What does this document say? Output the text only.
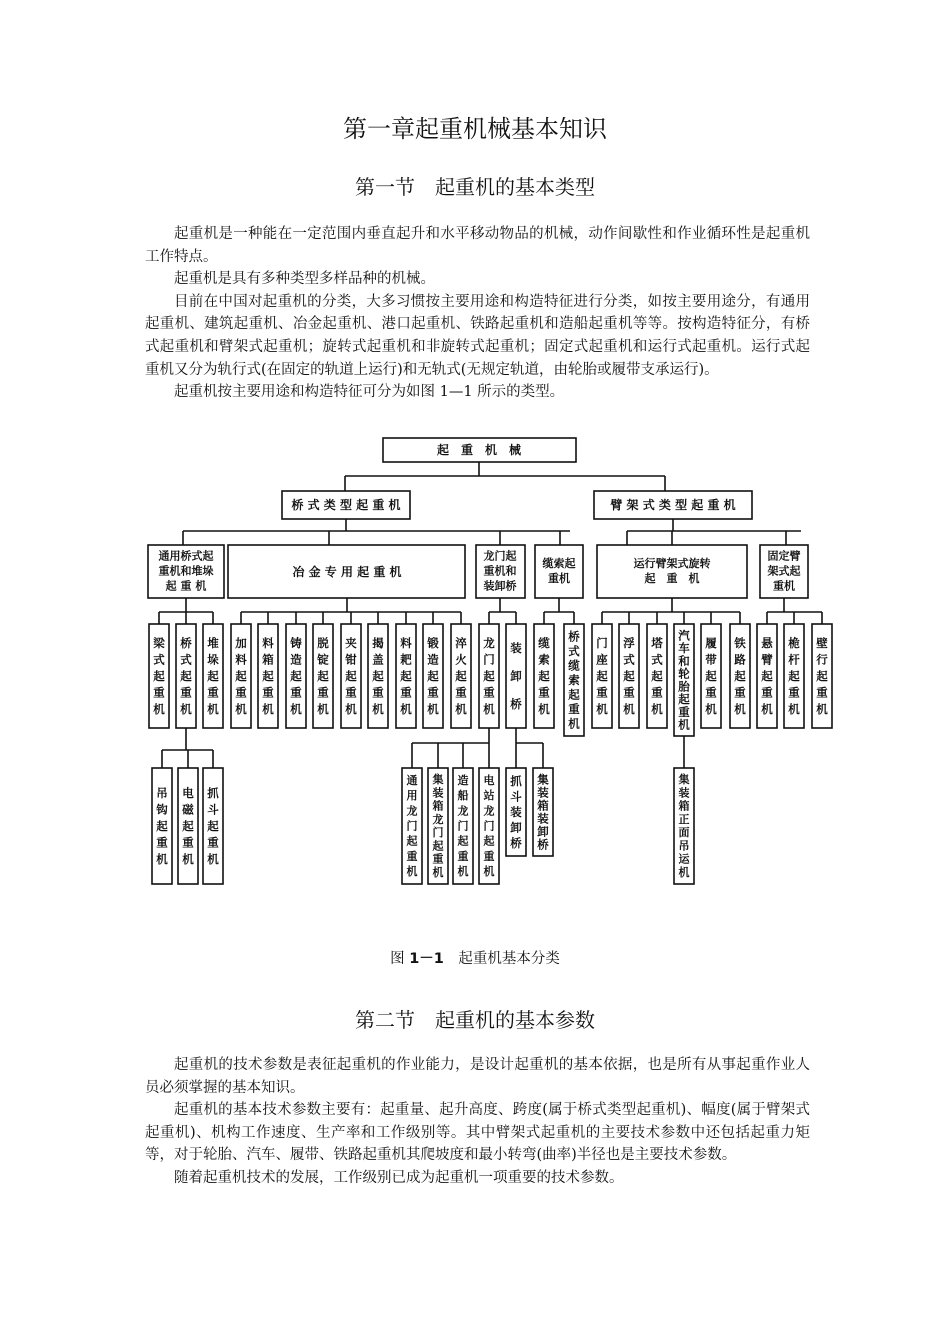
第一章起重机械基本知识
第一节　起重机的基本类型

起重机是一种能在一定范围内垂直起升和水平移动物品的机械，动作间歇性和作业循环性是起重机工作特点。

起重机是具有多种类型多样品种的机械。

目前在中国对起重机的分类，大多习惯按主要用途和构造特征进行分类，如按主要用途分，有通用起重机、建筑起重机、冶金起重机、港口起重机、铁路起重机和造船起重机等等。按构造特征分，有桥式起重机和臂架式起重机；旋转式起重机和非旋转式起重机；固定式起重机和运行式起重机。运行式起重机又分为轨行式(在固定的轨道上运行)和无轨式(无规定轨道，由轮胎或履带支承运行)。

起重机按主要用途和构造特征可分为如图 1—1 所示的类型。

起　重　机　械
桥 式 类 型 起 重 机	臂 架 式 类 型 起 重 机
通用桥式起
重机和堆垛
起 重 机
冶 金 专 用 起 重 机
龙门起
重机和
装卸桥
缆索起
重机
运行臂架式旋转
起　重　机
固定臂
架式起
重机
梁
式
起
重
机
桥
式
起
重
机
堆
垛
起
重
机
加
料
起
重
机
料
箱
起
重
机
铸
造
起
重
机
脱
锭
起
重
机
夹
钳
起
重
机
揭
盖
起
重
机
料
耙
起
重
机
锻
造
起
重
机
淬
火
起
重
机
龙
门
起
重
机
装
卸
桥
缆
索
起
重
机
桥
式
缆
索
起
重
机
门
座
起
重
机
浮
式
起
重
机
塔
式
起
重
机
汽
车
和
轮
胎
起
重
机
履
带
起
重
机
铁
路
起
重
机
悬
臂
起
重
机
桅
杆
起
重
机
壁
行
起
重
机
吊
钩
起
重
机
电
磁
起
重
机
抓
斗
起
重
机
通
用
龙
门
起
重
机
集
装
箱
龙
门
起
重
机
造
船
龙
门
起
重
机
电
站
龙
门
起
重
机
抓
斗
装
卸
桥
集
装
箱
装
卸
桥
集
装
箱
正
面
吊
运
机
图 1－1　起重机基本分类
第二节　起重机的基本参数

起重机的技术参数是表征起重机的作业能力，是设计起重机的基本依据，也是所有从事起重作业人员必须掌握的基本知识。

起重机的基本技术参数主要有：起重量、起升高度、跨度(属于桥式类型起重机)、幅度(属于臂架式起重机)、机构工作速度、生产率和工作级别等。其中臂架式起重机的主要技术参数中还包括起重力矩等，对于轮胎、汽车、履带、铁路起重机其爬坡度和最小转弯(曲率)半径也是主要技术参数。

随着起重机技术的发展，工作级别已成为起重机一项重要的技术参数。
